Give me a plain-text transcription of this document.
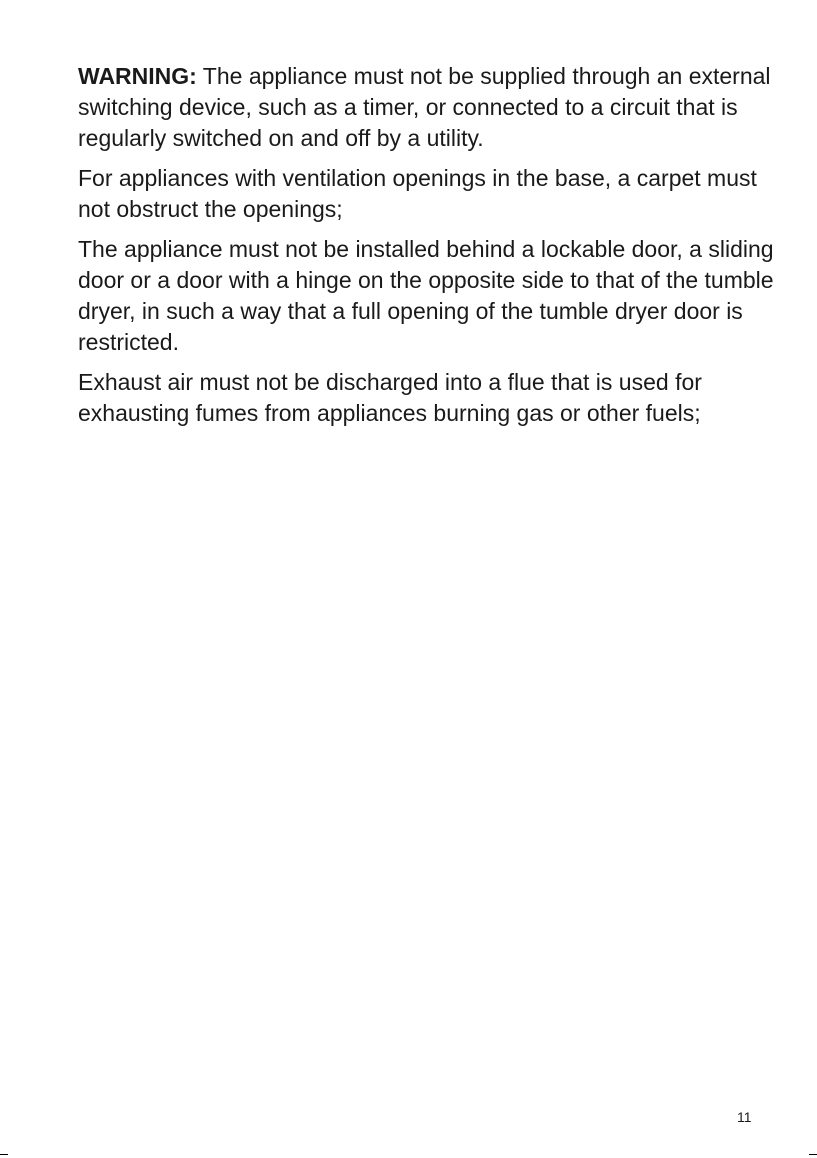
WARNING: The appliance must not be supplied through an external switching device, such as a timer, or connected to a circuit that is regularly switched on and off by a utility.

For appliances with ventilation openings in the base, a carpet must not obstruct the openings;

The appliance must not be installed behind a lockable door, a sliding door or a door with a hinge on the opposite side to that of the tumble dryer, in such a way that a full opening of the tumble dryer door is restricted.

Exhaust air must not be discharged into a flue that is used for exhausting fumes from appliances burning gas or other fuels;

11
